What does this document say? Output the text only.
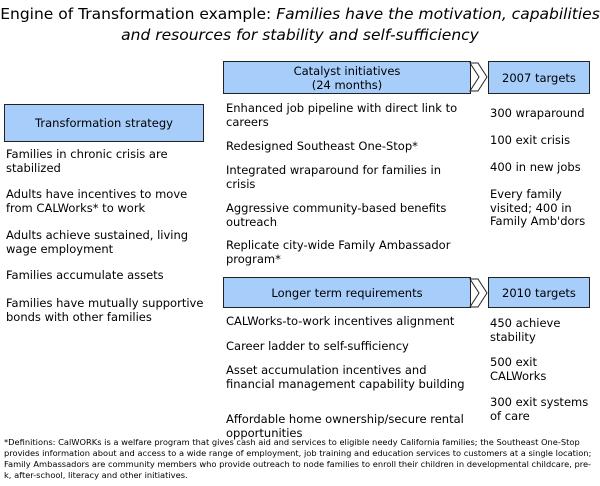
Engine of Transformation example: Families have the motivation, capabilities
and resources for stability and self-sufficiency
Transformation strategy
Families in chronic crisis are stabilized
Adults have incentives to move from CALWorks* to work
Adults achieve sustained, living wage employment
Families accumulate assets
Families have mutually supportive bonds with other families
Catalyst initiatives
(24 months)	2007 targets
Enhanced job pipeline with direct link to careers
Redesigned Southeast One-Stop*
Integrated wraparound for families in crisis
Aggressive community-based benefits outreach
Replicate city-wide Family Ambassador program*
300 wraparound
100 exit crisis
400 in new jobs
Every family visited; 400 in Family Amb'dors
Longer term requirements	2010 targets
CALWorks-to-work incentives alignment
Career ladder to self-sufficiency
Asset accumulation incentives and financial management capability building
Affordable home ownership/secure rental opportunities
450 achieve stability
500 exit CALWorks
300 exit systems of care
*Definitions: CalWORKs is a welfare program that gives cash aid and services to eligible needy California families; the Southeast One-Stop provides information about and access to a wide range of employment, job training and education services to customers at a single location; Family Ambassadors are community members who provide outreach to node families to enroll their children in developmental childcare, pre-k, after-school, literacy and other initiatives.
